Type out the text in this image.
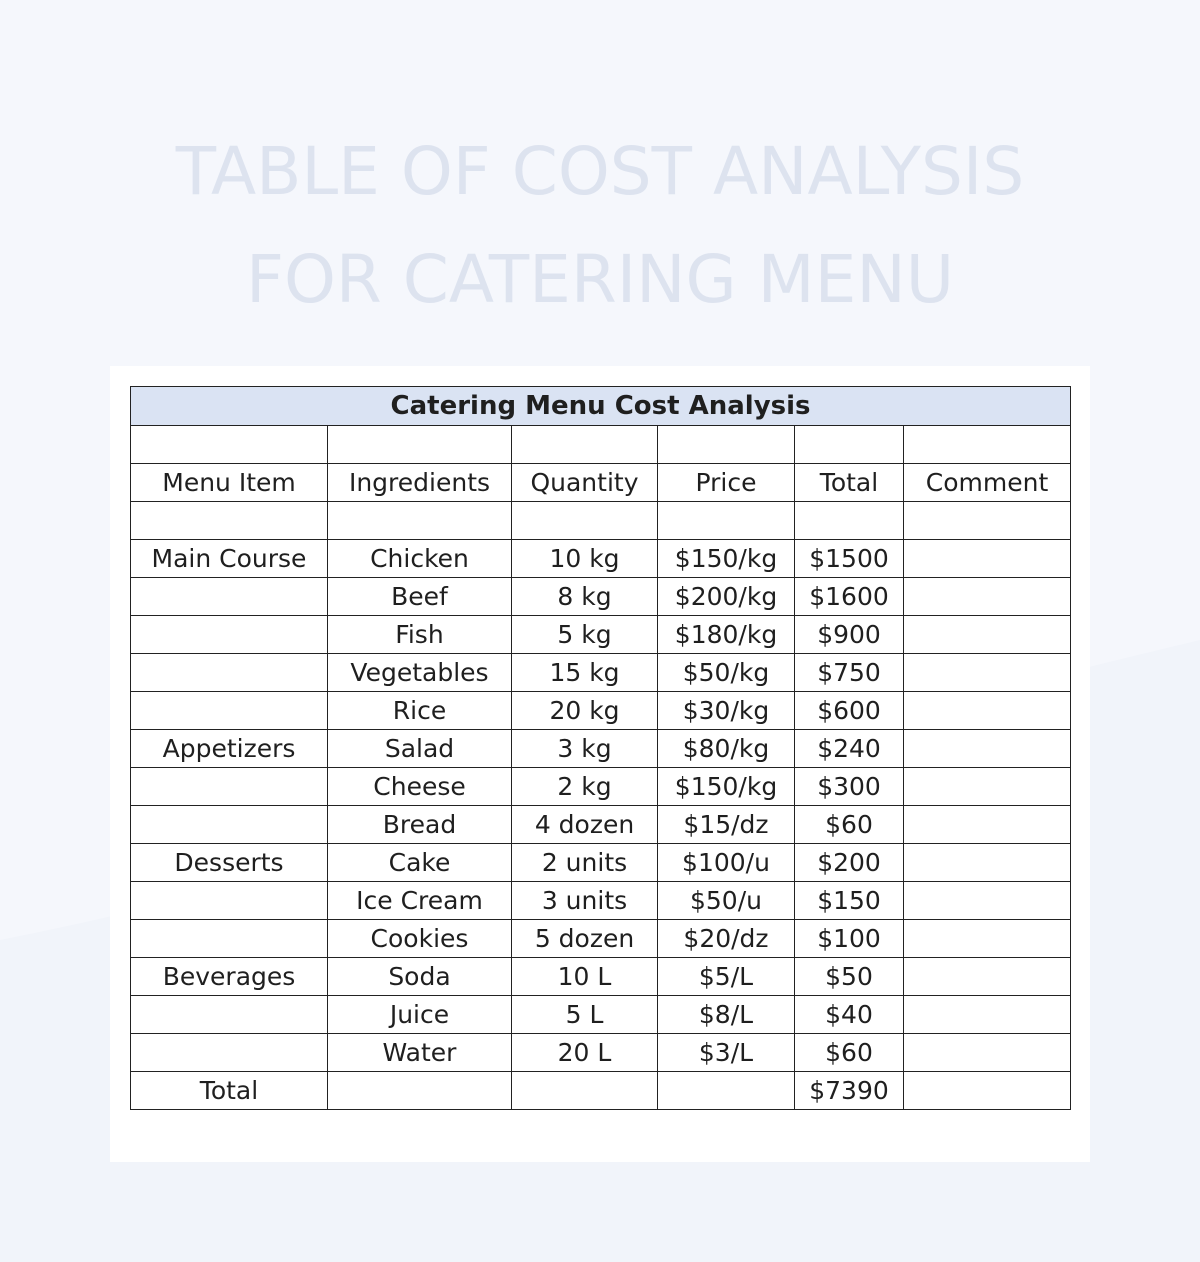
TABLE OF COST ANALYSIS
FOR CATERING MENU
Catering Menu Cost Analysis					

Menu Item	Ingredients	Quantity	Price	Total	Comment

Main Course	Chicken	10 kg	$150/kg	$1500	
	Beef	8 kg	$200/kg	$1600	
	Fish	5 kg	$180/kg	$900	
	Vegetables	15 kg	$50/kg	$750	
	Rice	20 kg	$30/kg	$600	
Appetizers	Salad	3 kg	$80/kg	$240	
	Cheese	2 kg	$150/kg	$300	
	Bread	4 dozen	$15/dz	$60	
Desserts	Cake	2 units	$100/u	$200	
	Ice Cream	3 units	$50/u	$150	
	Cookies	5 dozen	$20/dz	$100	
Beverages	Soda	10 L	$5/L	$50	
	Juice	5 L	$8/L	$40	
	Water	20 L	$3/L	$60	
Total				$7390	
